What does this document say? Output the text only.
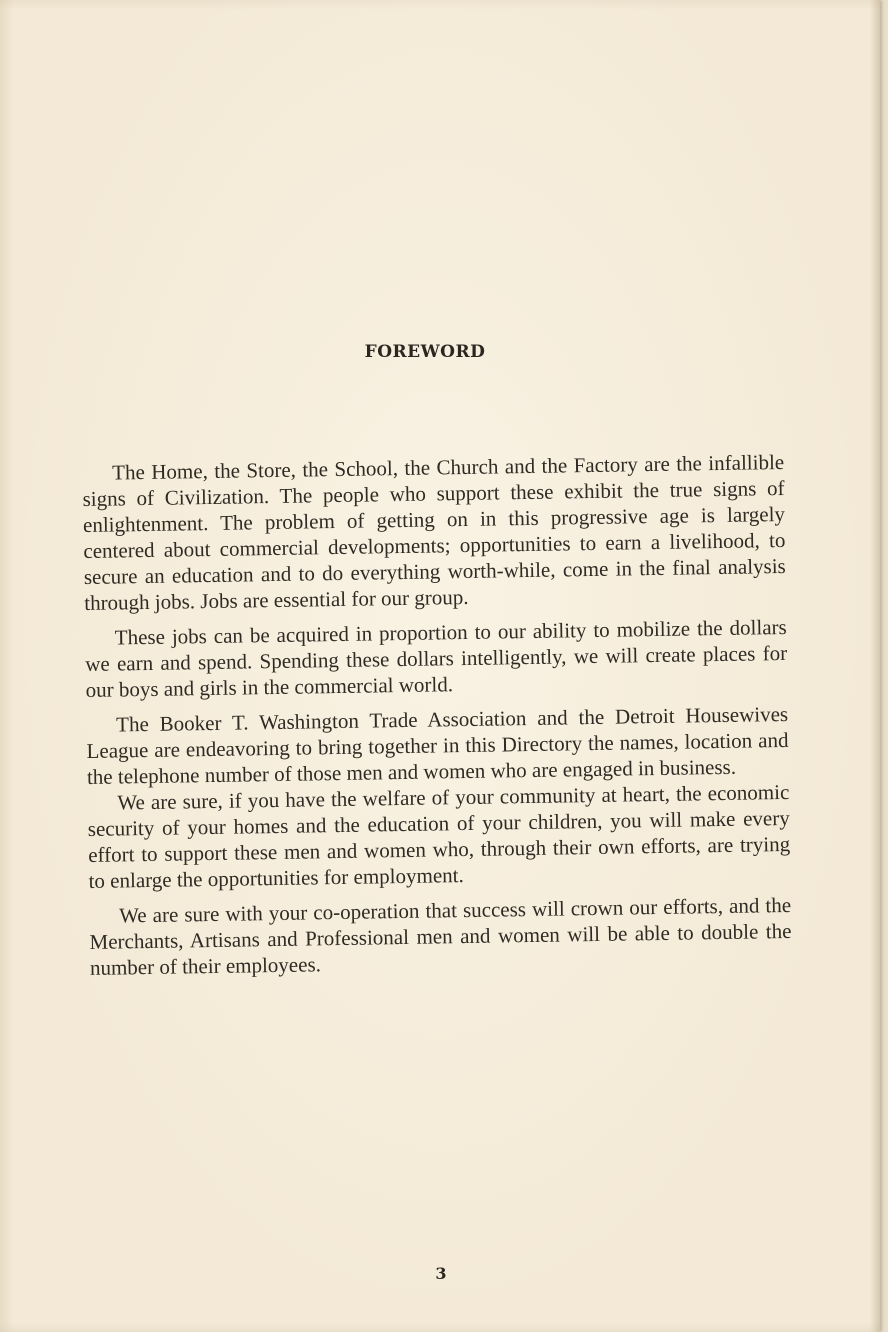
FOREWORD

The Home, the Store, the School, the Church and the Factory are the infallible signs of Civilization. The people who support these exhibit the true signs of enlightenment. The problem of getting on in this progressive age is largely centered about commercial developments; opportunities to earn a livelihood, to secure an education and to do everything worth-while, come in the final analysis through jobs. Jobs are essential for our group.

These jobs can be acquired in proportion to our ability to mobilize the dollars we earn and spend. Spending these dollars intelligently, we will create places for our boys and girls in the commercial world.

The Booker T. Washington Trade Association and the Detroit Housewives League are endeavoring to bring together in this Directory the names, location and the telephone number of those men and women who are engaged in business.

We are sure, if you have the welfare of your community at heart, the economic security of your homes and the education of your children, you will make every effort to support these men and women who, through their own efforts, are trying to enlarge the opportunities for employment.

We are sure with your co-operation that success will crown our efforts, and the Merchants, Artisans and Professional men and women will be able to double the number of their employees.

3
